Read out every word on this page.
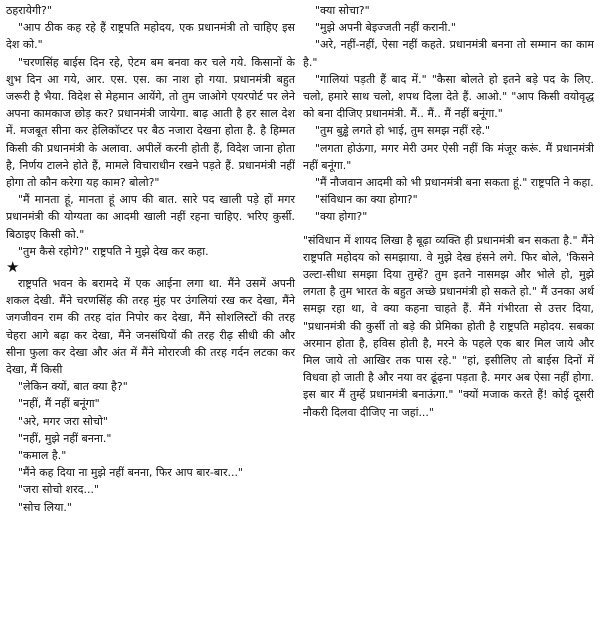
ठहरायेगी?"

"आप ठीक कह रहे हैं राष्ट्रपति महोदय, एक प्रधानमंत्री तो चाहिए इस देश को."

"चरणसिंह बाईस दिन रहे, ऐटम बम बनवा कर चले गये. किसानों के शुभ दिन आ गये, आर. एस. एस. का नाश हो गया. प्रधानमंत्री बहुत जरूरी है भैया. विदेश से मेहमान आयेंगे, तो तुम जाओगे एयरपोर्ट पर लेने अपना कामकाज छोड़ कर? प्रधानमंत्री जायेगा. बाढ़ आती है हर साल देश में. मजबूत सीना कर हेलिकॉप्टर पर बैठ नजारा देखना होता है. है हिम्मत किसी की प्रधानमंत्री के अलावा. अपीलें करनी होती हैं, विदेश जाना होता है, निर्णय टालने होते हैं, मामले विचाराधीन रखने पड़ते हैं. प्रधानमंत्री नहीं होगा तो कौन करेगा यह काम? बोलो?"

"मैं मानता हूं, मानता हूं आप की बात. सारे पद खाली पड़े हों मगर प्रधानमंत्री की योग्यता का आदमी खाली नहीं रहना चाहिए. भरिए कुर्सी. बिठाइए किसी को."

"तुम कैसे रहोगे?" राष्ट्रपति ने मुझे देख कर कहा.

★

राष्ट्रपति भवन के बरामदे में एक आईना लगा था. मैंने उसमें अपनी शकल देखी. मैंने चरणसिंह की तरह मुंह पर उंगलियां रख कर देखा, मैंने जगजीवन राम की तरह दांत निपोर कर देखा, मैंने सोशलिस्टों की तरह चेहरा आगे बढ़ा कर देखा, मैंने जनसंघियों की तरह रीढ़ सीधी की और सीना फुला कर देखा और अंत में मैंने मोरारजी की तरह गर्दन लटका कर देखा, मैं किसी

"लेकिन क्यों, बात क्या है?"

"नहीं, मैं नहीं बनूंगा"

"अरे, मगर जरा सोचो"

"नहीं, मुझे नहीं बनना."

"कमाल है."

"मैंने कह दिया ना मुझे नहीं बनना, फिर आप बार-बार..."

"जरा सोचो शरद..."

"सोच लिया."

"क्या सोचा?"

"मुझे अपनी बेइज्जती नहीं करानी."

"अरे, नहीं-नहीं, ऐसा नहीं कहते. प्रधानमंत्री बनना तो सम्मान का काम है."

"गालियां पड़ती हैं बाद में." "कैसा बोलते हो इतने बड़े पद के लिए. चलो, हमारे साथ चलो, शपथ दिला देते हैं. आओ." "आप किसी वयोवृद्ध को बना दीजिए प्रधानमंत्री. मैं.. मैं.. मैं नहीं बनूंगा."

"तुम बुड्ढे लगते हो भाई, तुम समझ नहीं रहे."

"लगता होऊंगा, मगर मेरी उमर ऐसी नहीं कि मंजूर करूं. मैं प्रधानमंत्री नहीं बनूंगा."

"मैं नौजवान आदमी को भी प्रधानमंत्री बना सकता हूं." राष्ट्रपति ने कहा.

"संविधान का क्या होगा?"

"क्या होगा?"

"संविधान में शायद लिखा है बूढ़ा व्यक्ति ही प्रधानमंत्री बन सकता है." मैंने राष्ट्रपति महोदय को समझाया. वे मुझे देख हंसने लगे. फिर बोले, 'किसने उल्टा-सीधा समझा दिया तुम्हें? तुम इतने नासमझ और भोले हो, मुझे लगता है तुम भारत के बहुत अच्छे प्रधानमंत्री हो सकते हो." मैं उनका अर्थ समझ रहा था, वे क्या कहना चाहते हैं. मैंने गंभीरता से उत्तर दिया, "प्रधानमंत्री की कुर्सी तो बड़े की प्रेमिका होती है राष्ट्रपति महोदय. सबका अरमान होता है, हविस होती है, मरने के पहले एक बार मिल जाये और मिल जाये तो आखिर तक पास रहे." "हां, इसीलिए तो बाईस दिनों में विधवा हो जाती है और नया वर ढूंढ़ना पड़ता है. मगर अब ऐसा नहीं होगा. इस बार मैं तुम्हें प्रधानमंत्री बनाऊंगा." "क्यों मजाक करते हैं! कोई दूसरी नौकरी दिलवा दीजिए ना जहां..."
